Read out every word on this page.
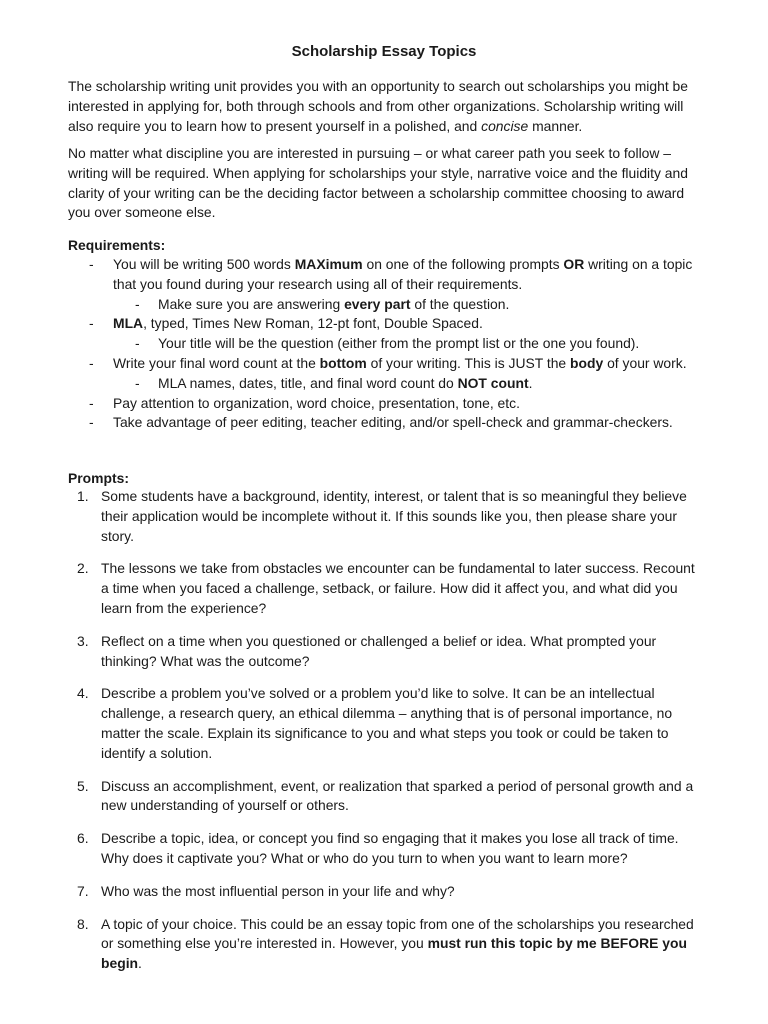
Scholarship Essay Topics

The scholarship writing unit provides you with an opportunity to search out scholarships you might be interested in applying for, both through schools and from other organizations. Scholarship writing will also require you to learn how to present yourself in a polished, and concise manner.

No matter what discipline you are interested in pursuing – or what career path you seek to follow – writing will be required. When applying for scholarships your style, narrative voice and the fluidity and clarity of your writing can be the deciding factor between a scholarship committee choosing to award you over someone else.

Requirements:

- You will be writing 500 words MAXimum on one of the following prompts OR writing on a topic that you found during your research using all of their requirements.
- Make sure you are answering every part of the question.
- MLA, typed, Times New Roman, 12-pt font, Double Spaced.
- Your title will be the question (either from the prompt list or the one you found).
- Write your final word count at the bottom of your writing. This is JUST the body of your work.
- MLA names, dates, title, and final word count do NOT count.
- Pay attention to organization, word choice, presentation, tone, etc.
- Take advantage of peer editing, teacher editing, and/or spell-check and grammar-checkers.

Prompts:

1. Some students have a background, identity, interest, or talent that is so meaningful they believe their application would be incomplete without it. If this sounds like you, then please share your story.
2. The lessons we take from obstacles we encounter can be fundamental to later success. Recount a time when you faced a challenge, setback, or failure. How did it affect you, and what did you learn from the experience?
3. Reflect on a time when you questioned or challenged a belief or idea. What prompted your thinking? What was the outcome?
4. Describe a problem you’ve solved or a problem you’d like to solve. It can be an intellectual challenge, a research query, an ethical dilemma – anything that is of personal importance, no matter the scale. Explain its significance to you and what steps you took or could be taken to identify a solution.
5. Discuss an accomplishment, event, or realization that sparked a period of personal growth and a new understanding of yourself or others.
6. Describe a topic, idea, or concept you find so engaging that it makes you lose all track of time. Why does it captivate you? What or who do you turn to when you want to learn more?
7. Who was the most influential person in your life and why?
8. A topic of your choice. This could be an essay topic from one of the scholarships you researched or something else you’re interested in. However, you must run this topic by me BEFORE you begin.
